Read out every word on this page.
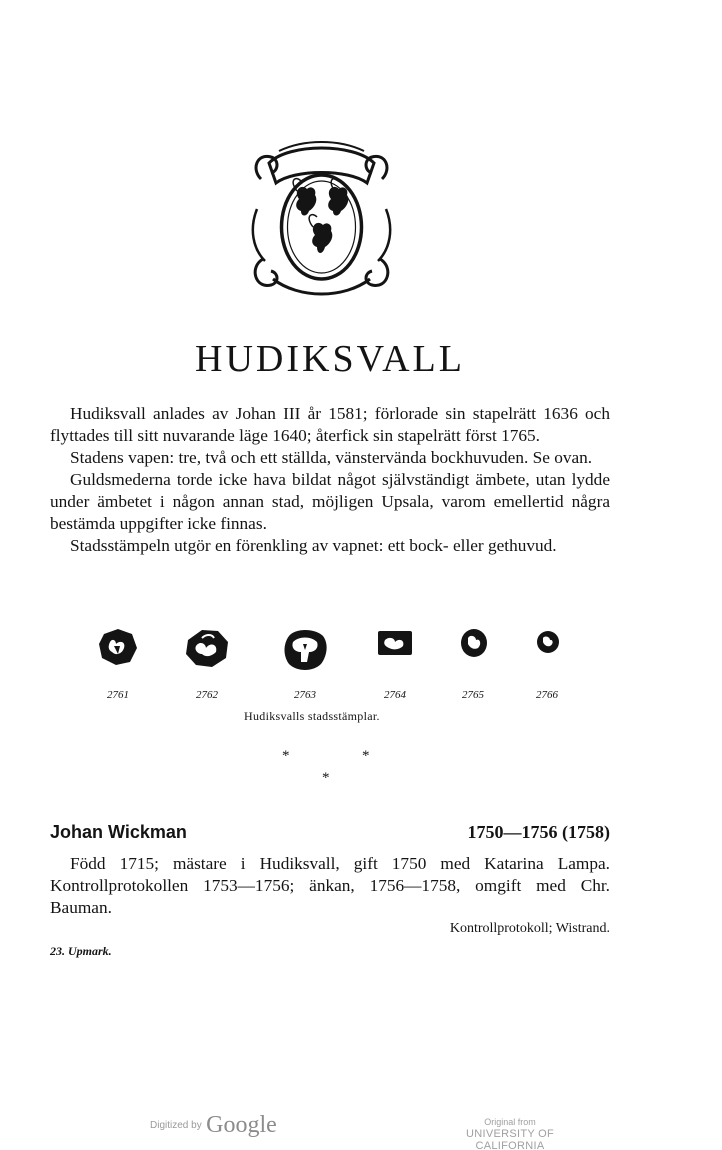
HUDIKSVALL

Hudiksvall anlades av Johan III år 1581; förlorade sin stapelrätt 1636 och flyttades till sitt nuvarande läge 1640; återfick sin stapelrätt först 1765.

Stadens vapen: tre, två och ett ställda, vänstervända bockhuvuden. Se ovan.

Guldsmederna torde icke hava bildat något självständigt ämbete, utan lydde under ämbetet i någon annan stad, möjligen Upsala, varom emellertid några bestämda uppgifter icke finnas.

Stadsstämpeln utgör en förenkling av vapnet: ett bock- eller gethuvud.

2761	2762	2763	2764	2765	2766
Hudiksvalls stadsstämplar.
*	*
*
Johan Wickman	1750—1756 (1758)

Född 1715; mästare i Hudiksvall, gift 1750 med Katarina Lampa. Kontrollprotokollen 1753—1756; änkan, 1756—1758, omgift med Chr. Bauman.

Kontrollprotokoll; Wistrand.
23. Upmark.
Digitized by Google	Original from
UNIVERSITY OF CALIFORNIA
